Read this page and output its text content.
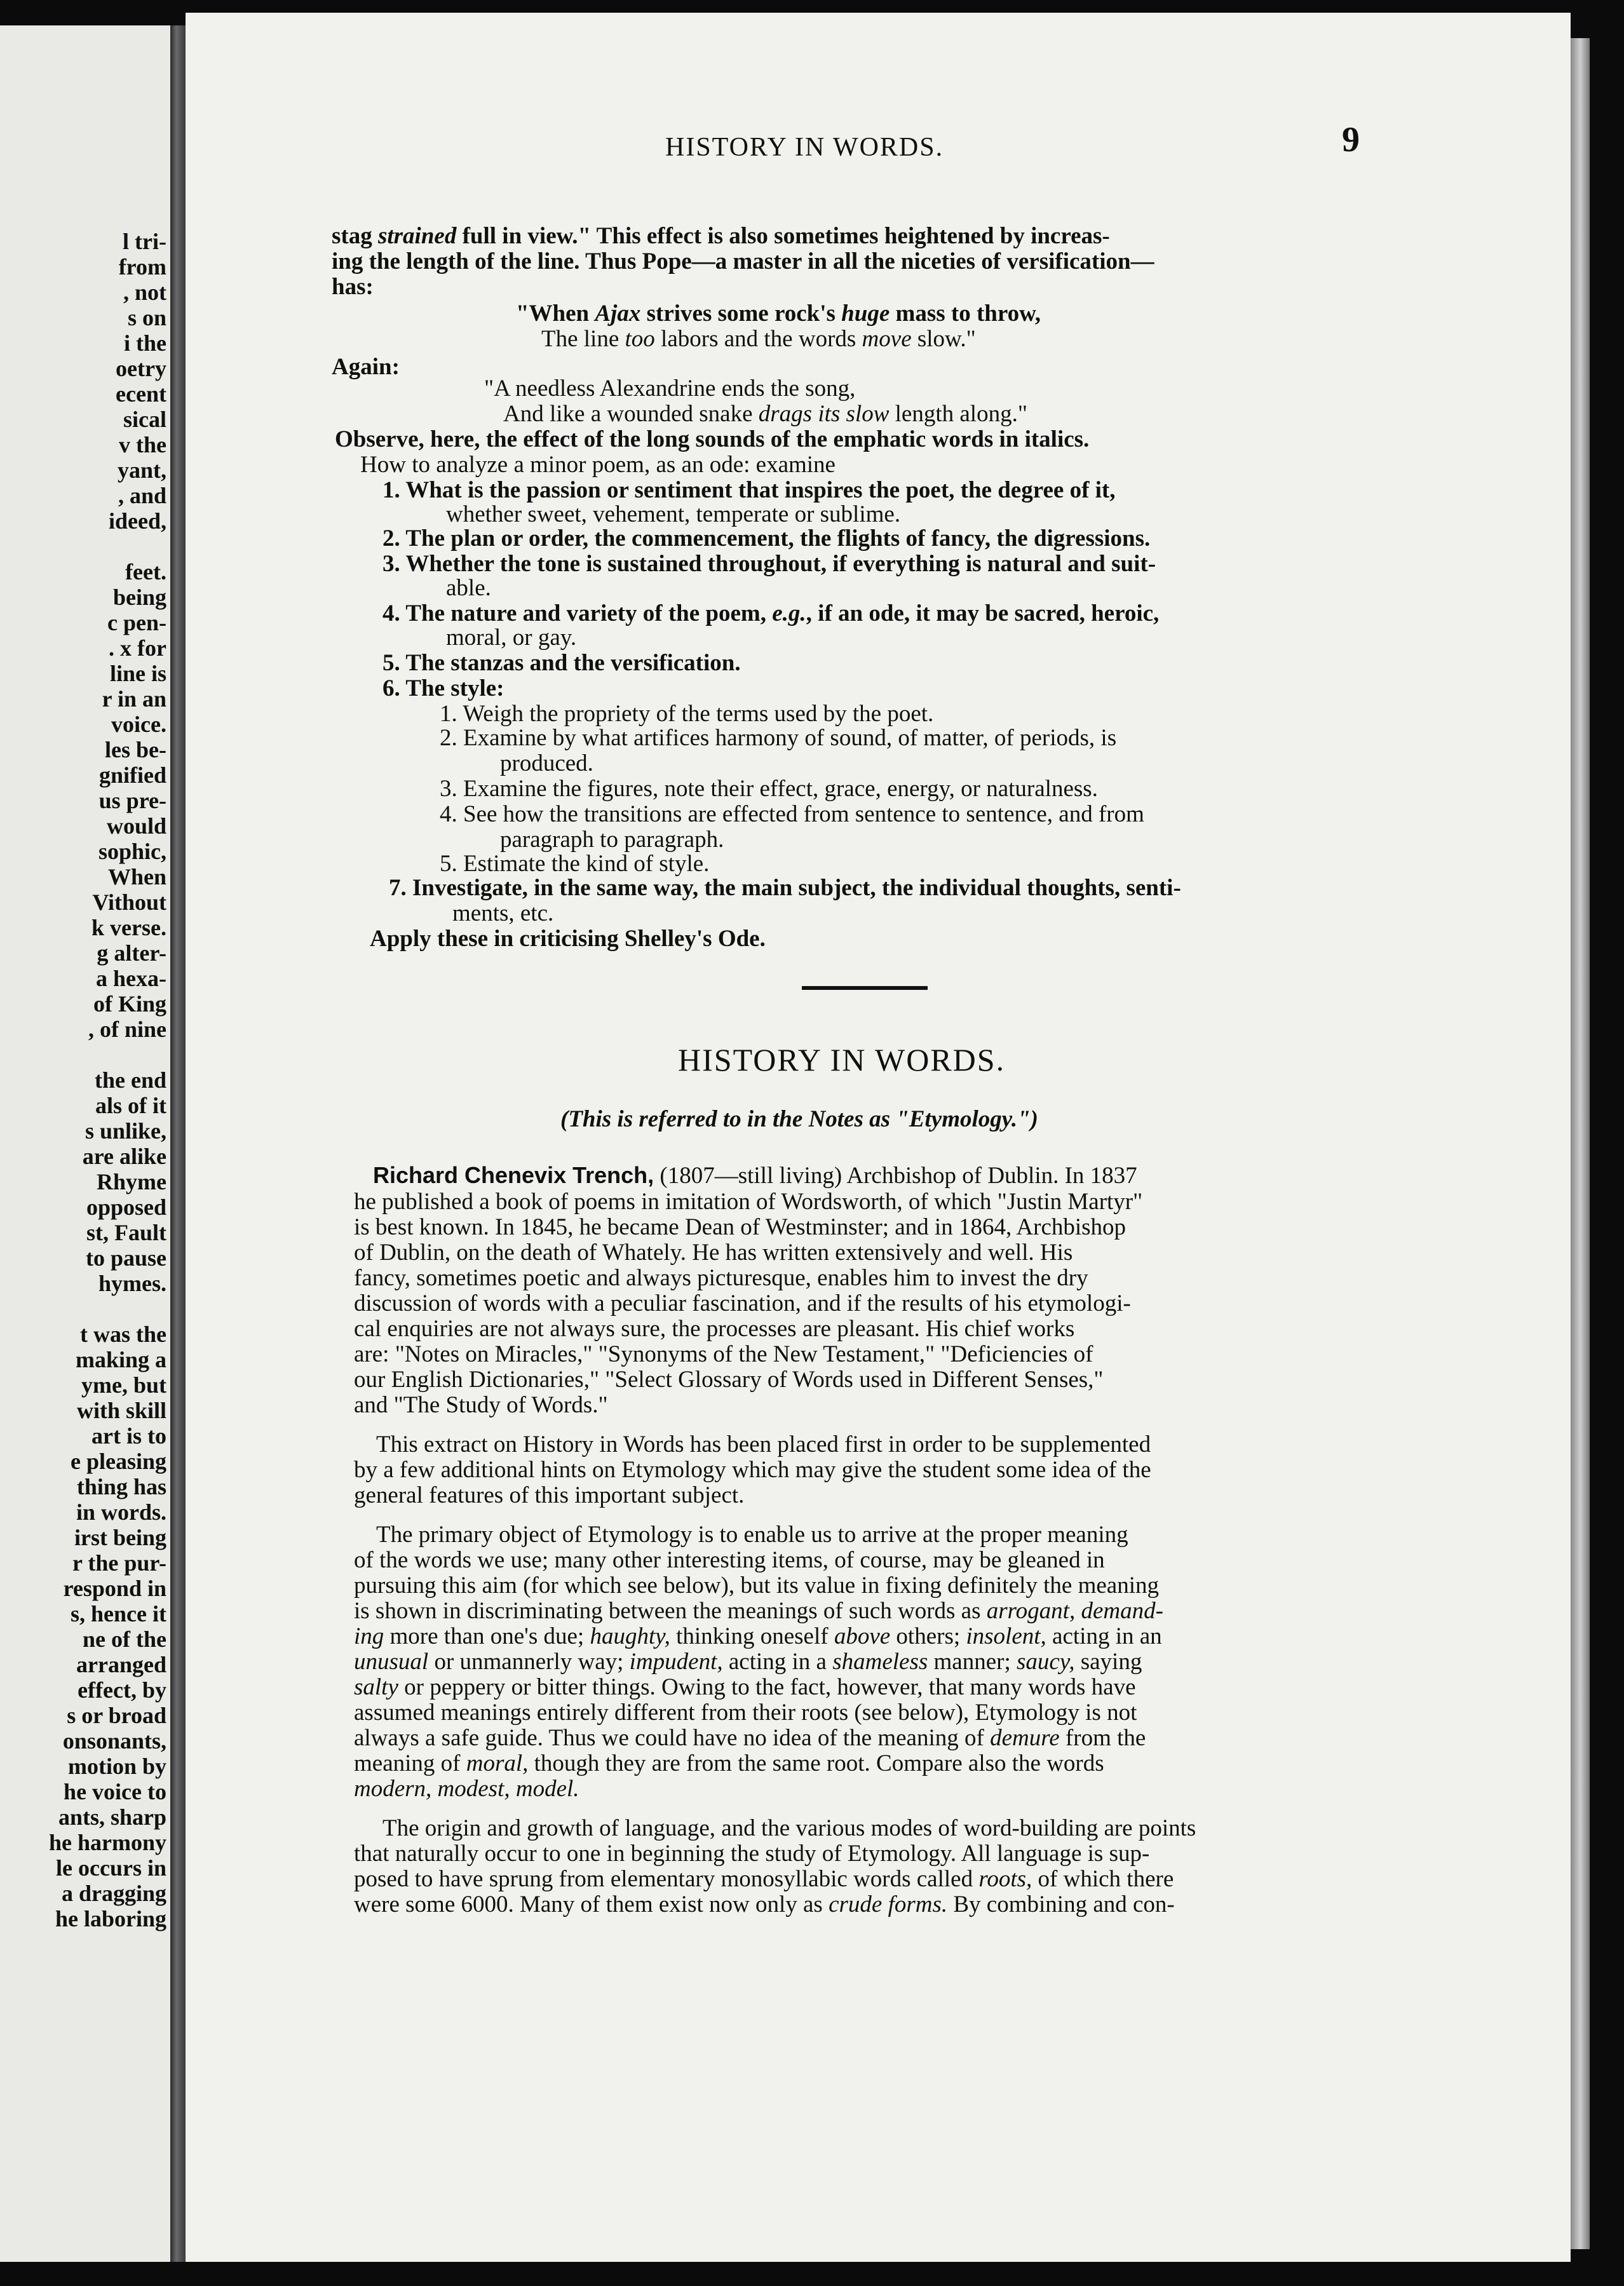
l tri-
from
, not
s on
i the
oetry
ecent
sical
v the
yant,
, and
ideed,
feet.
being
c pen-
. x for
line is
r in an
voice.
les be-
gnified
us pre-
would
sophic,
When
Vithout
k verse.
g alter-
a hexa-
of King
, of nine
the end
als of it
s unlike,
are alike
Rhyme
opposed
st, Fault
to pause
hymes.
t was the
making a
yme, but
with skill
art is to
e pleasing
thing has
in words.
irst being
r the pur-
respond in
s, hence it
ne of the
arranged
effect, by
s or broad
onsonants,
motion by
he voice to
ants, sharp
he harmony
le occurs in
a dragging
he laboring
HISTORY IN WORDS.	9
stag strained full in view." This effect is also sometimes heightened by increas-
ing the length of the line. Thus Pope—a master in all the niceties of versification—
has:
"When Ajax strives some rock's huge mass to throw,
The line too labors and the words move slow."
Again:
"A needless Alexandrine ends the song,
And like a wounded snake drags its slow length along."
Observe, here, the effect of the long sounds of the emphatic words in italics.
How to analyze a minor poem, as an ode: examine
1. What is the passion or sentiment that inspires the poet, the degree of it,
whether sweet, vehement, temperate or sublime.
2. The plan or order, the commencement, the flights of fancy, the digressions.
3. Whether the tone is sustained throughout, if everything is natural and suit-
able.
4. The nature and variety of the poem, e.g., if an ode, it may be sacred, heroic,
moral, or gay.
5. The stanzas and the versification.
6. The style:
1. Weigh the propriety of the terms used by the poet.
2. Examine by what artifices harmony of sound, of matter, of periods, is
produced.
3. Examine the figures, note their effect, grace, energy, or naturalness.
4. See how the transitions are effected from sentence to sentence, and from
paragraph to paragraph.
5. Estimate the kind of style.
7. Investigate, in the same way, the main subject, the individual thoughts, senti-
ments, etc.
Apply these in criticising Shelley's Ode.
HISTORY IN WORDS.
(This is referred to in the Notes as "Etymology.")
Richard Chenevix Trench, (1807—still living) Archbishop of Dublin. In 1837
he published a book of poems in imitation of Wordsworth, of which "Justin Martyr"
is best known. In 1845, he became Dean of Westminster; and in 1864, Archbishop
of Dublin, on the death of Whately. He has written extensively and well. His
fancy, sometimes poetic and always picturesque, enables him to invest the dry
discussion of words with a peculiar fascination, and if the results of his etymologi-
cal enquiries are not always sure, the processes are pleasant. His chief works
are: "Notes on Miracles," "Synonyms of the New Testament," "Deficiencies of
our English Dictionaries," "Select Glossary of Words used in Different Senses,"
and "The Study of Words."
This extract on History in Words has been placed first in order to be supplemented
by a few additional hints on Etymology which may give the student some idea of the
general features of this important subject.
The primary object of Etymology is to enable us to arrive at the proper meaning
of the words we use; many other interesting items, of course, may be gleaned in
pursuing this aim (for which see below), but its value in fixing definitely the meaning
is shown in discriminating between the meanings of such words as arrogant, demand-
ing more than one's due; haughty, thinking oneself above others; insolent, acting in an
unusual or unmannerly way; impudent, acting in a shameless manner; saucy, saying
salty or peppery or bitter things. Owing to the fact, however, that many words have
assumed meanings entirely different from their roots (see below), Etymology is not
always a safe guide. Thus we could have no idea of the meaning of demure from the
meaning of moral, though they are from the same root. Compare also the words
modern, modest, model.
The origin and growth of language, and the various modes of word-building are points
that naturally occur to one in beginning the study of Etymology. All language is sup-
posed to have sprung from elementary monosyllabic words called roots, of which there
were some 6000. Many of them exist now only as crude forms. By combining and con-
